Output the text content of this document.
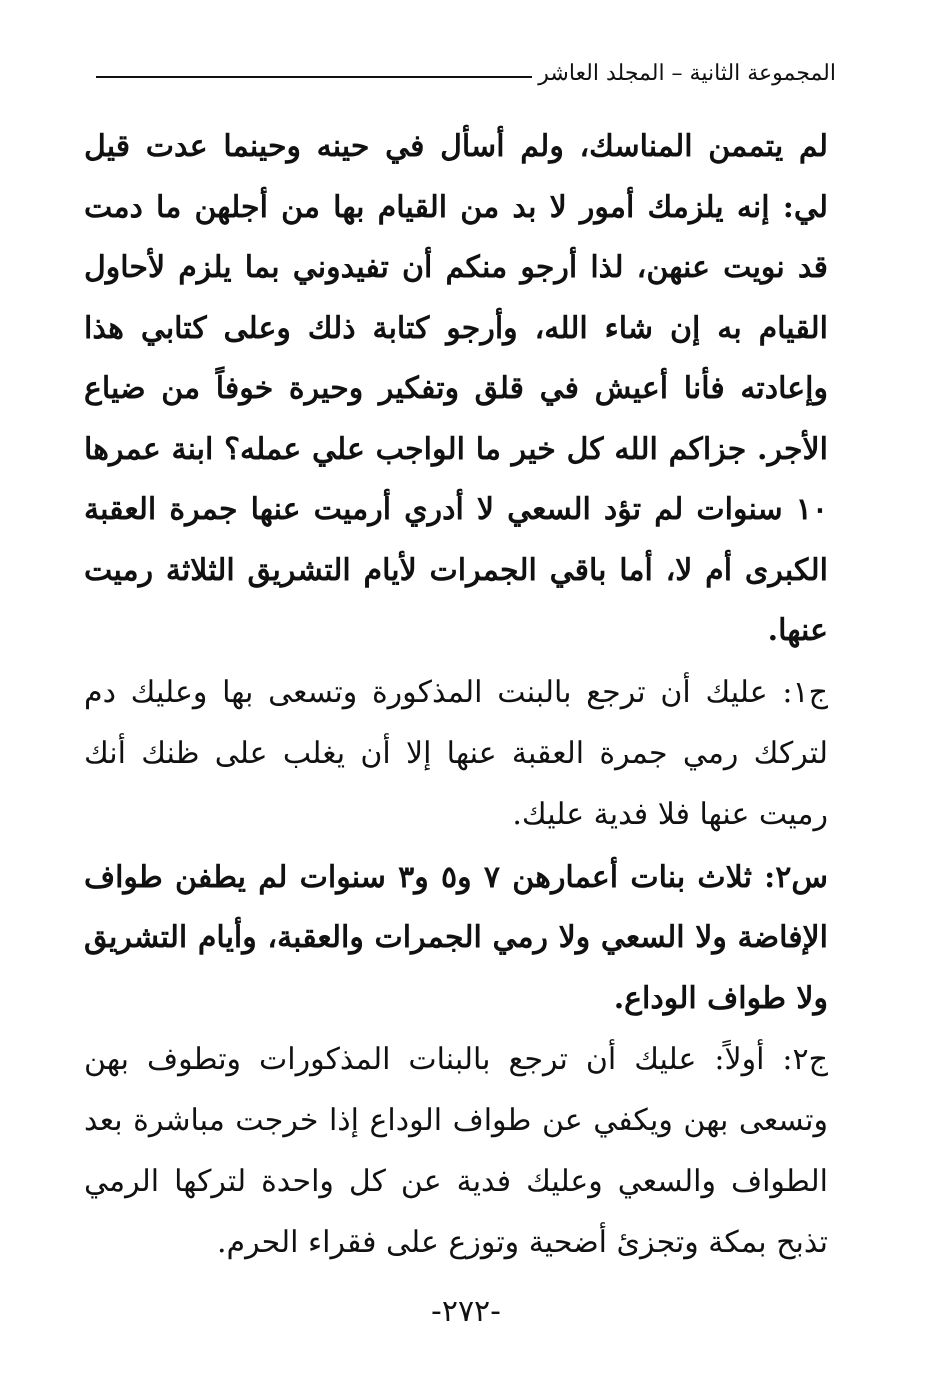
المجموعة الثانية – المجلد العاشر

لم يتممن المناسك، ولم أسأل في حينه وحينما عدت قيل لي: إنه يلزمك أمور لا بد من القيام بها من أجلهن ما دمت قد نويت عنهن، لذا أرجو منكم أن تفيدوني بما يلزم لأحاول القيام به إن شاء الله، وأرجو كتابة ذلك وعلى كتابي هذا وإعادته فأنا أعيش في قلق وتفكير وحيرة خوفاً من ضياع الأجر. جزاكم الله كل خير ما الواجب علي عمله؟ ابنة عمرها ١٠ سنوات لم تؤد السعي لا أدري أرميت عنها جمرة العقبة الكبرى أم لا، أما باقي الجمرات لأيام التشريق الثلاثة رميت عنها.

ج١: عليك أن ترجع بالبنت المذكورة وتسعى بها وعليك دم لتركك رمي جمرة العقبة عنها إلا أن يغلب على ظنك أنك رميت عنها فلا فدية عليك.

س٢: ثلاث بنات أعمارهن ٧ و٥ و٣ سنوات لم يطفن طواف الإفاضة ولا السعي ولا رمي الجمرات والعقبة، وأيام التشريق ولا طواف الوداع.

ج٢: أولاً: عليك أن ترجع بالبنات المذكورات وتطوف بهن وتسعى بهن ويكفي عن طواف الوداع إذا خرجت مباشرة بعد الطواف والسعي وعليك فدية عن كل واحدة لتركها الرمي تذبح بمكة وتجزئ أضحية وتوزع على فقراء الحرم.

-٢٧٢-
